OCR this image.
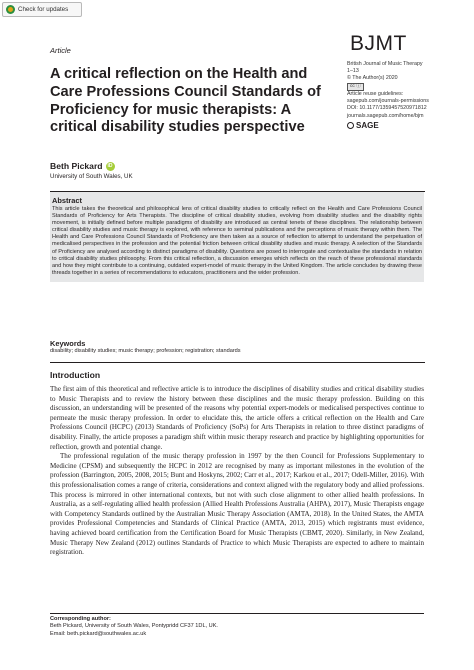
Check for updates
Article	BJMT
British Journal of Music Therapy
1–13
© The Author(s) 2020
cc ⓘ
Article reuse guidelines:
sagepub.com/journals-permissions
DOI: 10.1177/1359457520971812
journals.sagepub.com/home/bjm
SAGE
A critical reflection on the Health and Care Professions Council Standards of Proficiency for music therapists: A critical disability studies perspective
Beth Pickard	iD
University of South Wales, UK
Abstract
This article takes the theoretical and philosophical lens of critical disability studies to critically reflect on the Health and Care Professions Council Standards of Proficiency for Arts Therapists. The discipline of critical disability studies, evolving from disability studies and the disability rights movement, is initially defined before multiple paradigms of disability are introduced as central tenets of these disciplines. The relationship between critical disability studies and music therapy is explored, with reference to seminal publications and the perceptions of music therapy within them. The Health and Care Professions Council Standards of Proficiency are then taken as a source of reflection to attempt to understand the perpetuation of medicalised perspectives in the profession and the potential friction between critical disability studies and music therapy. A selection of the Standards of Proficiency are analysed according to distinct paradigms of disability. Questions are posed to interrogate and contextualise the standards in relation to critical disability studies philosophy. From this critical reflection, a discussion emerges which reflects on the reach of these professional standards and how they might contribute to a continuing, outdated expert-model of music therapy in the United Kingdom. The article concludes by drawing these threads together in a series of recommendations to educators, practitioners and the wider profession.
Keywords
disability; disability studies; music therapy; profession; registration; standards
Introduction

The first aim of this theoretical and reflective article is to introduce the disciplines of disability studies and critical disability studies to Music Therapists and to review the history between these disciplines and the music therapy profession. Building on this discussion, an understanding will be presented of the reasons why potential expert-models or medicalised perspectives continue to permeate the music therapy profession. In order to elucidate this, the article offers a critical reflection on the Health and Care Professions Council (HCPC) (2013) Standards of Proficiency (SoPs) for Arts Therapists in relation to three distinct paradigms of disability. Finally, the article proposes a paradigm shift within music therapy research and practice by highlighting opportunities for reflection, growth and potential change.

The professional regulation of the music therapy profession in 1997 by the then Council for Professions Supplementary to Medicine (CPSM) and subsequently the HCPC in 2012 are recognised by many as important milestones in the evolution of the profession (Barrington, 2005, 2008, 2015; Bunt and Hoskyns, 2002; Carr et al., 2017; Karkou et al., 2017; Odell-Miller, 2016). With this professionalisation comes a range of criteria, considerations and context aligned with the regulatory body and allied professions. This process is mirrored in other international contexts, but not with such close alignment to other allied health professions. In Australia, as a self-regulating allied health profession (Allied Health Professions Australia (AHPA), 2017), Music Therapists engage with Competency Standards outlined by the Australian Music Therapy Association (AMTA, 2018). In the United States, the AMTA provides Professional Competencies and Standards of Clinical Practice (AMTA, 2013, 2015) which registrants must evidence, having achieved board certification from the Certification Board for Music Therapists (CBMT, 2020). Similarly, in New Zealand, Music Therapy New Zealand (2012) outlines Standards of Practice to which Music Therapists are expected to adhere to maintain registration.

Corresponding author:
Beth Pickard, University of South Wales, Pontypridd CF37 1DL, UK.
Email: beth.pickard@southwales.ac.uk
